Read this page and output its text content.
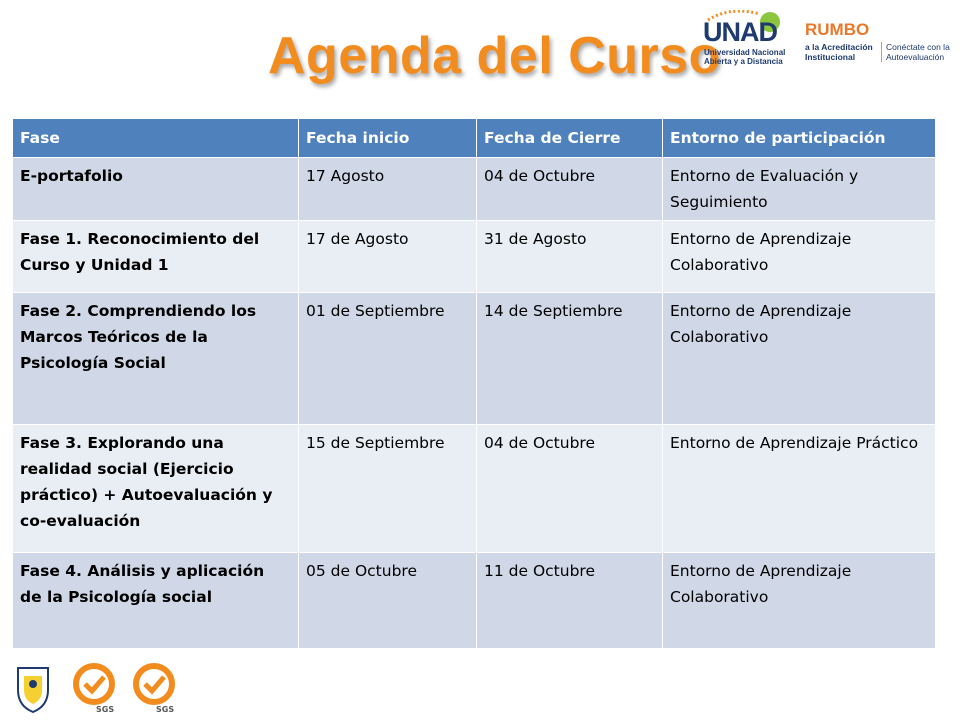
Agenda del Curso
UNAD
Universidad Nacional
Abierta y a Distancia
RUMBO
a la Acreditación
Institucional
Conéctate con la
Autoevaluación
Fase	Fecha inicio	Fecha de Cierre	Entorno de participación
E-portafolio	17 Agosto	04 de Octubre	Entorno de Evaluación y Seguimiento
Fase 1. Reconocimiento del Curso y Unidad 1	17 de Agosto	31 de Agosto	Entorno de Aprendizaje Colaborativo
Fase 2. Comprendiendo los Marcos Teóricos de la Psicología Social	01 de Septiembre	14 de Septiembre	Entorno de Aprendizaje Colaborativo
Fase 3. Explorando una realidad social (Ejercicio práctico) + Autoevaluación y co-evaluación	15 de Septiembre	04 de Octubre	Entorno de Aprendizaje Práctico
Fase 4. Análisis y aplicación de la Psicología social	05 de Octubre	11 de Octubre	Entorno de Aprendizaje Colaborativo
SGS	SGS
